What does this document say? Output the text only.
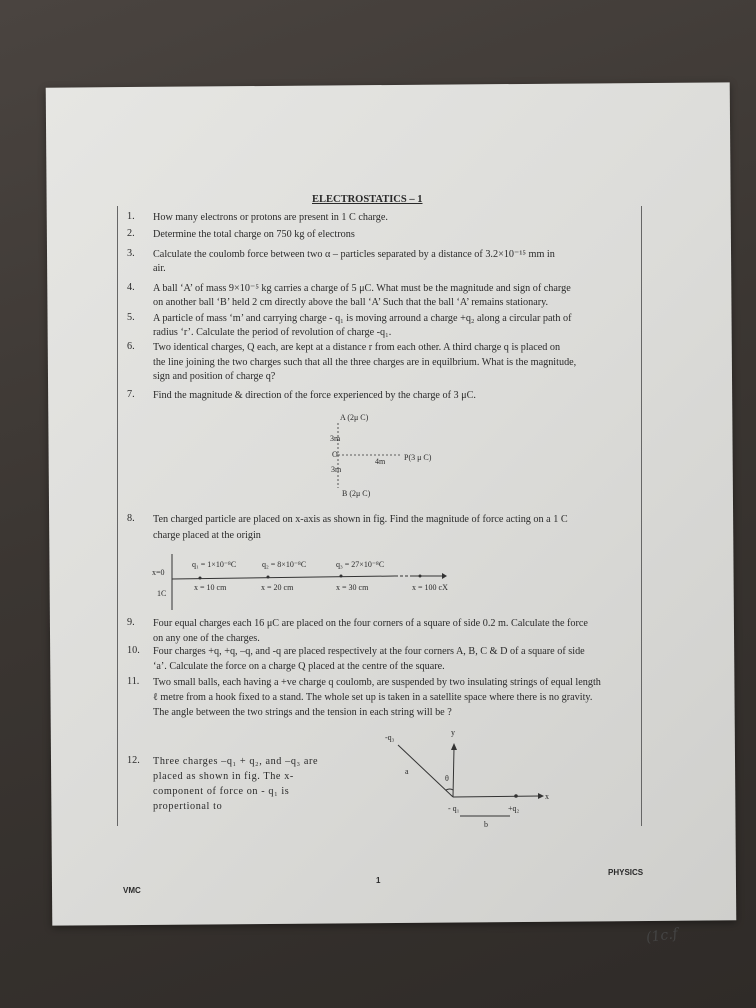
ELECTROSTATICS – 1
1. How many electrons or protons are present in 1 C charge.
2. Determine the total charge on 750 kg of electrons
3. Calculate the coulomb force between two α – particles separated by a distance of 3.2×10⁻¹⁵ mm in
air.
4. A ball ‘A’ of mass 9×10⁻⁵ kg carries a charge of 5 μC. What must be the magnitude and sign of charge
on another ball ‘B’ held 2 cm directly above the ball ‘A’ Such that the ball ‘A’ remains stationary.
5. A particle of mass ‘m’ and carrying charge - q₁ is moving arround a charge +q₂ along a circular path of
radius ‘r’. Calculate the period of revolution of charge -q₁.
6. Two identical charges, Q each, are kept at a distance r from each other. A third charge q is placed on
the line joining the two charges such that all the three charges are in equilbrium. What is the magnitude,
sign and position of charge q?
7. Find the magnitude & direction of the force experienced by the charge of 3 μC.
8. Ten charged particle are placed on x-axis as shown in fig. Find the magnitude of force acting on a 1 C
charge placed at the origin
9. Four equal charges each 16 μC are placed on the four corners of a square of side 0.2 m. Calculate the force
on any one of the charges.
10. Four charges +q, +q, –q, and -q are placed respectively at the four corners A, B, C & D of a square of side
‘a’. Calculate the force on a charge Q placed at the centre of the square.
11. Two small balls, each having a +ve charge q coulomb, are suspended by two insulating strings of equal length
ℓ metre from a hook fixed to a stand. The whole set up is taken in a satellite space where there is no gravity.
The angle between the two strings and the tension in each string will be ?
12. Three charges –q₁ + q₂, and –q₃ are
placed as shown in fig. The x-
component of force on - q₁ is
propertional to
A (2μ C)
3m
O	P(3 μ C)
4m
3m
B (2μ C)
x=0
1C
q₁ = 1×10⁻⁸C	q₂ = 8×10⁻⁸C	q₃ = 27×10⁻⁸C
x = 10 cm	x = 20 cm	x = 30 cm	x = 100 cX
-q₃
y
a
θ
x
- q₁	+q₂
b
VMC
1
PHYSICS
(1c.f
